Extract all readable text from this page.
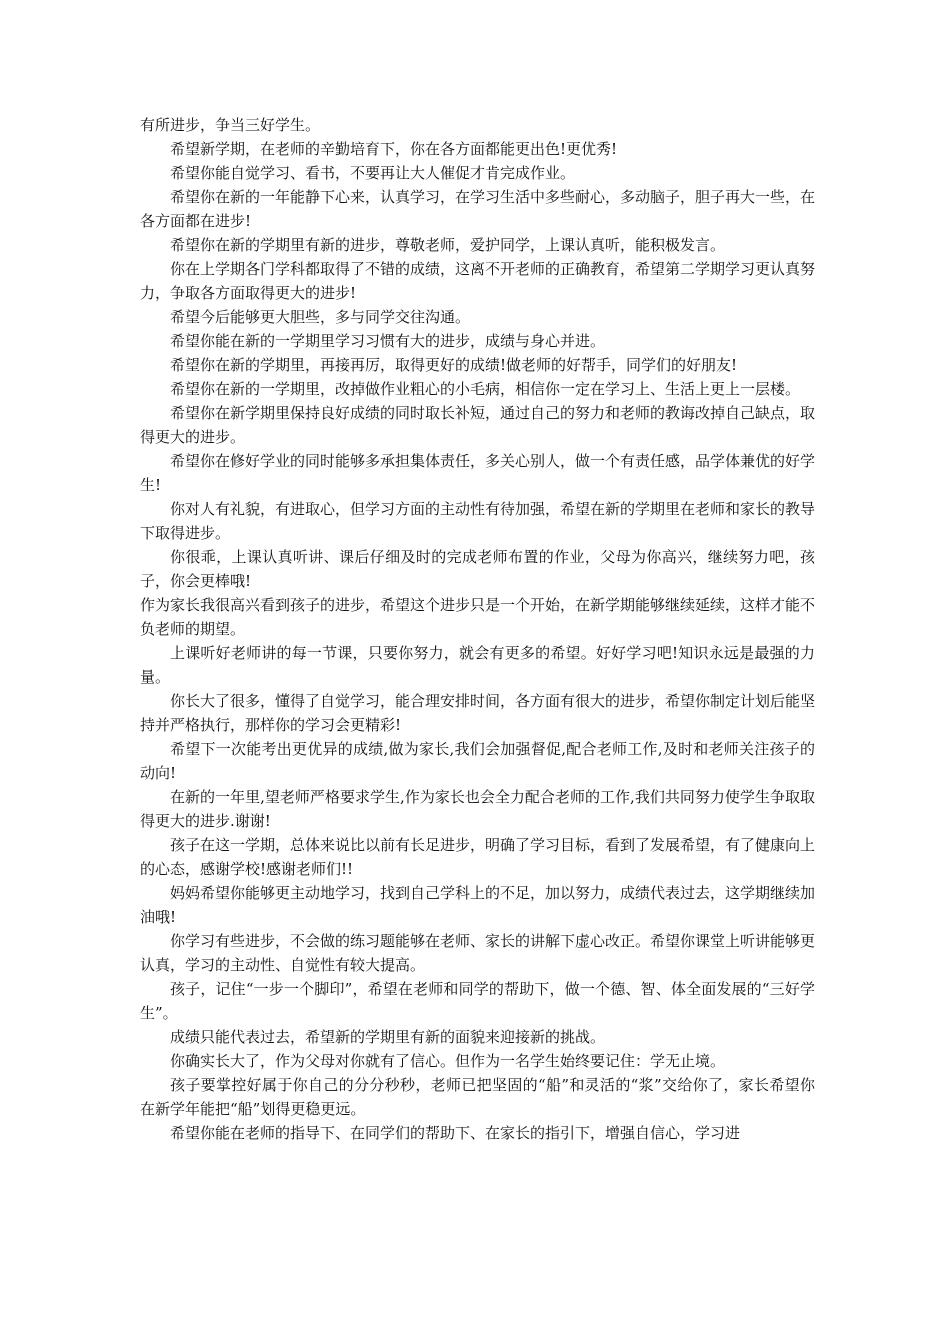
有所进步，争当三好学生。

希望新学期，在老师的辛勤培育下，你在各方面都能更出色!更优秀!

希望你能自觉学习、看书，不要再让大人催促才肯完成作业。

希望你在新的一年能静下心来，认真学习，在学习生活中多些耐心，多动脑子，胆子再大一些，在各方面都在进步!

希望你在新的学期里有新的进步，尊敬老师，爱护同学，上课认真听，能积极发言。

你在上学期各门学科都取得了不错的成绩，这离不开老师的正确教育，希望第二学期学习更认真努力，争取各方面取得更大的进步!

希望今后能够更大胆些，多与同学交往沟通。

希望你能在新的一学期里学习习惯有大的进步，成绩与身心并进。

希望你在新的学期里，再接再厉，取得更好的成绩!做老师的好帮手，同学们的好朋友!

希望你在新的一学期里，改掉做作业粗心的小毛病，相信你一定在学习上、生活上更上一层楼。

希望你在新学期里保持良好成绩的同时取长补短，通过自己的努力和老师的教诲改掉自己缺点，取得更大的进步。

希望你在修好学业的同时能够多承担集体责任，多关心别人，做一个有责任感，品学体兼优的好学生!

你对人有礼貌，有进取心，但学习方面的主动性有待加强，希望在新的学期里在老师和家长的教导下取得进步。

你很乖，上课认真听讲、课后仔细及时的完成老师布置的作业，父母为你高兴，继续努力吧，孩子，你会更棒哦!

作为家长我很高兴看到孩子的进步，希望这个进步只是一个开始，在新学期能够继续延续，这样才能不负老师的期望。

上课听好老师讲的每一节课，只要你努力，就会有更多的希望。好好学习吧!知识永远是最强的力量。

你长大了很多，懂得了自觉学习，能合理安排时间，各方面有很大的进步，希望你制定计划后能坚持并严格执行，那样你的学习会更精彩!

希望下一次能考出更优异的成绩,做为家长,我们会加强督促,配合老师工作,及时和老师关注孩子的动向!

在新的一年里,望老师严格要求学生,作为家长也会全力配合老师的工作,我们共同努力使学生争取取得更大的进步.谢谢!

孩子在这一学期，总体来说比以前有长足进步，明确了学习目标，看到了发展希望，有了健康向上的心态，感谢学校!感谢老师们!!

妈妈希望你能够更主动地学习，找到自己学科上的不足，加以努力，成绩代表过去，这学期继续加油哦!

你学习有些进步，不会做的练习题能够在老师、家长的讲解下虚心改正。希望你课堂上听讲能够更认真，学习的主动性、自觉性有较大提高。

孩子，记住“一步一个脚印”，希望在老师和同学的帮助下，做一个德、智、体全面发展的“三好学生”。

成绩只能代表过去，希望新的学期里有新的面貌来迎接新的挑战。

你确实长大了，作为父母对你就有了信心。但作为一名学生始终要记住：学无止境。

孩子要掌控好属于你自己的分分秒秒，老师已把坚固的“船”和灵活的“浆”交给你了，家长希望你在新学年能把“船”划得更稳更远。

希望你能在老师的指导下、在同学们的帮助下、在家长的指引下，增强自信心，学习进
